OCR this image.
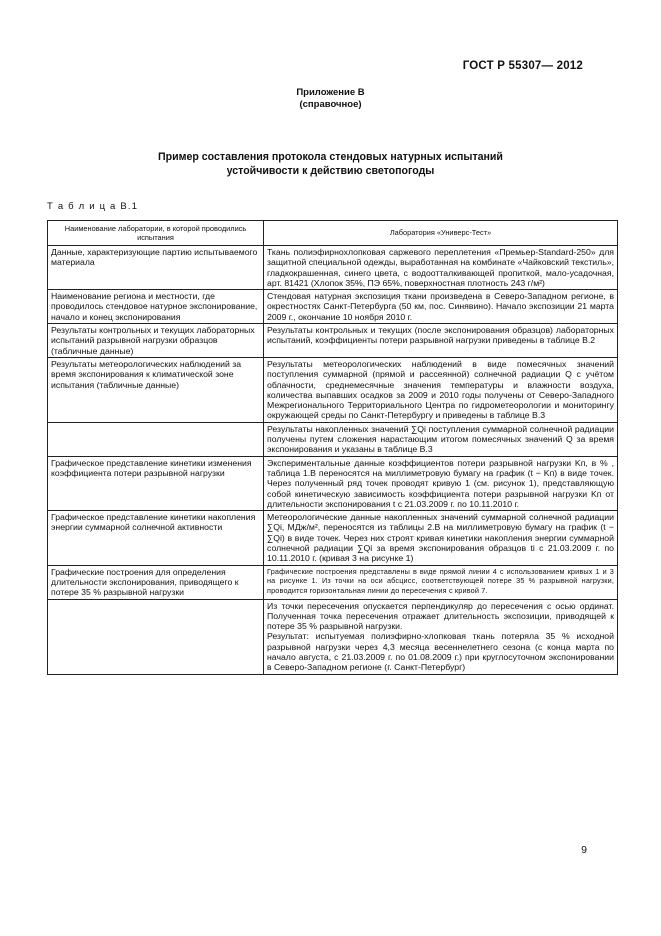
ГОСТ Р 55307— 2012
Приложение В
(справочное)
Пример составления протокола стендовых натурных испытаний
устойчивости к действию светопогоды
Т а б л и ц а В.1
Наименование лаборатории, в которой проводились испытания	Лаборатория «Универс-Тест»
Данные, характеризующие партию испытываемого материала	Ткань полиэфирнохлопковая саржевого переплетения «Премьер-Standard-250» для защитной специальной одежды, выработанная на комбинате «Чайковский текстиль», гладкокрашенная, синего цвета, с водоотталкивающей пропиткой, мало-усадочная, арт. 81421 (Хлопок 35%, ПЭ 65%, поверхностная плотность 243 г/м²)
Наименование региона и местности, где проводилось стендовое натурное экспонирование, начало и конец экспонирования	Стендовая натурная экспозиция ткани произведена в Северо-Западном регионе, в окрестностях Санкт-Петербурга (50 км, пос. Синявино). Начало экспозиции 21 марта 2009 г., окончание 10 ноября 2010 г.
Результаты контрольных и текущих лабораторных испытаний разрывной нагрузки образцов (табличные данные)	Результаты контрольных и текущих (после экспонирования образцов) лабораторных испытаний, коэффициенты потери разрывной нагрузки приведены в таблице В.2
Результаты метеорологических наблюдений за время экспонирования к климатической зоне испытания (табличные данные)	Результаты метеорологических наблюдений в виде помесячных значений поступления суммарной (прямой и рассеянной) солнечной радиации Q с учётом облачности, среднемесячные значения температуры и влажности воздуха, количества выпавших осадков за 2009 и 2010 годы получены от Северо-Западного Межрегионального Территориального Центра по гидрометеорологии и мониторингу окружающей среды по Санкт-Петербургу и приведены в таблице В.3
	Результаты накопленных значений ∑Qi поступления суммарной солнечной радиации получены путем сложения нарастающим итогом помесячных значений Q за время экспонирования и указаны в таблице В.3
Графическое представление кинетики изменения коэффициента потери разрывной нагрузки	Экспериментальные данные коэффициентов потери разрывной нагрузки Kп, в % , таблица 1.В переносятся на миллиметровую бумагу на график (t − Kп) в виде точек. Через полученный ряд точек проводят кривую 1 (см. рисунок 1), представляющую собой кинетическую зависимость коэффициента потери разрывной нагрузки Kп от длительности экспонирования t с 21.03.2009 г. по 10.11.2010 г.
Графическое представление кинетики накопления энергии суммарной солнечной активности	Метеорологические данные накопленных значений суммарной солнечной радиации ∑Qi, МДж/м², переносятся из таблицы 2.В на миллиметровую бумагу на график (t − ∑Qi) в виде точек. Через них строят кривая кинетики накопления энергии суммарной солнечной радиации ∑Qi за время экспонирования образцов ti с 21.03.2009 г. по 10.11.2010 г. (кривая 3 на рисунке 1)
Графические построения для определения длительности экспонирования, приводящего к потере 35 % разрывной нагрузки	Графические построения представлены в виде прямой линии 4 с использованием кривых 1 и 3 на рисунке 1. Из точки на оси абсцисс, соответствующей потере 35 % разрывной нагрузки, проводится горизонтальная линии до пересечения с кривой 7.

	Из точки пересечения опускается перпендикуляр до пересечения с осью ординат. Полученная точка пересечения отражает длительность экспозиции, приводящей к потере 35 % разрывной нагрузки.

Результат: испытуемая полиэфирно-хлопковая ткань потеряла 35 % исходной разрывной нагрузки через 4,3 месяца весеннелетнего сезона (с конца марта по начало августа, с 21.03.2009 г. по 01.08.2009 г.) при круглосуточном экспонировании в Северо-Западном регионе (г. Санкт-Петербург)

9
